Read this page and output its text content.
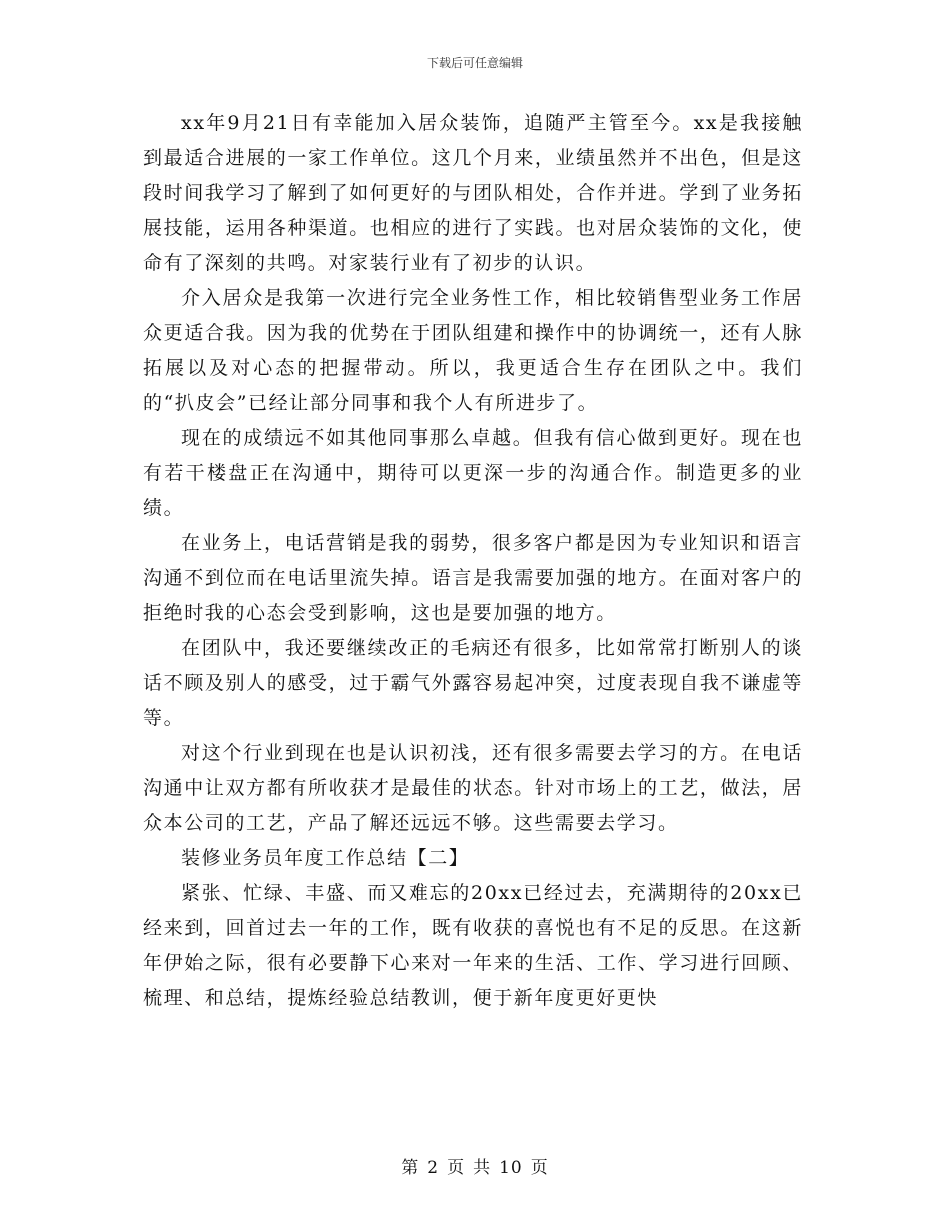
下载后可任意编辑

xx年9月21日有幸能加入居众装饰，追随严主管至今。xx是我接触到最适合进展的一家工作单位。这几个月来，业绩虽然并不出色，但是这段时间我学习了解到了如何更好的与团队相处，合作并进。学到了业务拓展技能，运用各种渠道。也相应的进行了实践。也对居众装饰的文化，使命有了深刻的共鸣。对家装行业有了初步的认识。

介入居众是我第一次进行完全业务性工作，相比较销售型业务工作居众更适合我。因为我的优势在于团队组建和操作中的协调统一，还有人脉拓展以及对心态的把握带动。所以，我更适合生存在团队之中。我们的“扒皮会”已经让部分同事和我个人有所进步了。

现在的成绩远不如其他同事那么卓越。但我有信心做到更好。现在也有若干楼盘正在沟通中，期待可以更深一步的沟通合作。制造更多的业绩。

在业务上，电话营销是我的弱势，很多客户都是因为专业知识和语言沟通不到位而在电话里流失掉。语言是我需要加强的地方。在面对客户的拒绝时我的心态会受到影响，这也是要加强的地方。

在团队中，我还要继续改正的毛病还有很多，比如常常打断别人的谈话不顾及别人的感受，过于霸气外露容易起冲突，过度表现自我不谦虚等等。

对这个行业到现在也是认识初浅，还有很多需要去学习的方。在电话沟通中让双方都有所收获才是最佳的状态。针对市场上的工艺，做法，居众本公司的工艺，产品了解还远远不够。这些需要去学习。

装修业务员年度工作总结【二】

紧张、忙绿、丰盛、而又难忘的20xx已经过去，充满期待的20xx已经来到，回首过去一年的工作，既有收获的喜悦也有不足的反思。在这新年伊始之际，很有必要静下心来对一年来的生活、工作、学习进行回顾、梳理、和总结，提炼经验总结教训，便于新年度更好更快

第 2 页 共 10 页
